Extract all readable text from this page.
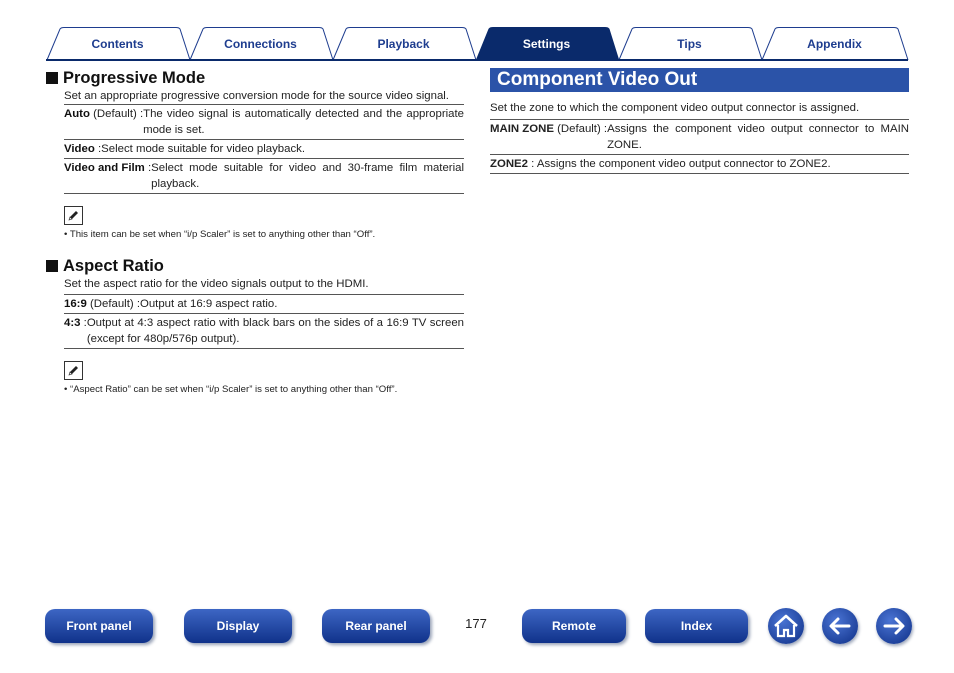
Contents	Connections	Playback	Settings	Tips	Appendix
Progressive Mode
Set an appropriate progressive conversion mode for the source video signal.
Auto (Default) : The video signal is automatically detected and the appropriate mode is set.
Video : Select mode suitable for video playback.
Video and Film : Select mode suitable for video and 30-frame film material playback.
• This item can be set when “i/p Scaler” is set to anything other than “Off”.
Aspect Ratio
Set the aspect ratio for the video signals output to the HDMI.
16:9 (Default) : Output at 16:9 aspect ratio.
4:3 : Output at 4:3 aspect ratio with black bars on the sides of a 16:9 TV screen (except for 480p/576p output).
• “Aspect Ratio” can be set when “i/p Scaler” is set to anything other than “Off”.
Component Video Out
Set the zone to which the component video output connector is assigned.
MAIN ZONE (Default) : Assigns the component video output connector to MAIN ZONE.
ZONE2 : Assigns the component video output connector to ZONE2.
Front panel	Display	Rear panel	177	Remote	Index
